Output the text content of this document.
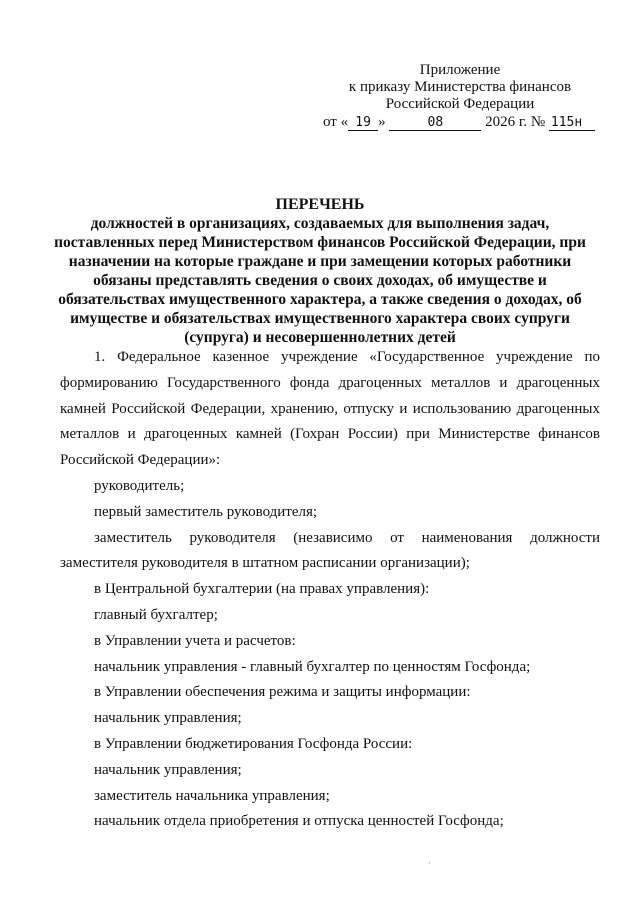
Приложение
к приказу Министерства финансов
Российской Федерации
от « 19 »	08	2026 г. № 115н
ПЕРЕЧЕНЬ
должностей в организациях, создаваемых для выполнения задач,
поставленных перед Министерством финансов Российской Федерации, при
назначении на которые граждане и при замещении которых работники
обязаны представлять сведения о своих доходах, об имуществе и
обязательствах имущественного характера, а также сведения о доходах, об
имуществе и обязательствах имущественного характера своих супруги
(супруга) и несовершеннолетних детей
1. Федеральное казенное учреждение «Государственное учреждение по
формированию Государственного фонда драгоценных металлов и драгоценных
камней Российской Федерации, хранению, отпуску и использованию драгоценных
металлов и драгоценных камней (Гохран России) при Министерстве финансов
Российской Федерации»:
руководитель;
первый заместитель руководителя;
заместитель руководителя (независимо от наименования должности
заместителя руководителя в штатном расписании организации);
в Центральной бухгалтерии (на правах управления):
главный бухгалтер;
в Управлении учета и расчетов:
начальник управления - главный бухгалтер по ценностям Госфонда;
в Управлении обеспечения режима и защиты информации:
начальник управления;
в Управлении бюджетирования Госфонда России:
начальник управления;
заместитель начальника управления;
начальник отдела приобретения и отпуска ценностей Госфонда;
·
